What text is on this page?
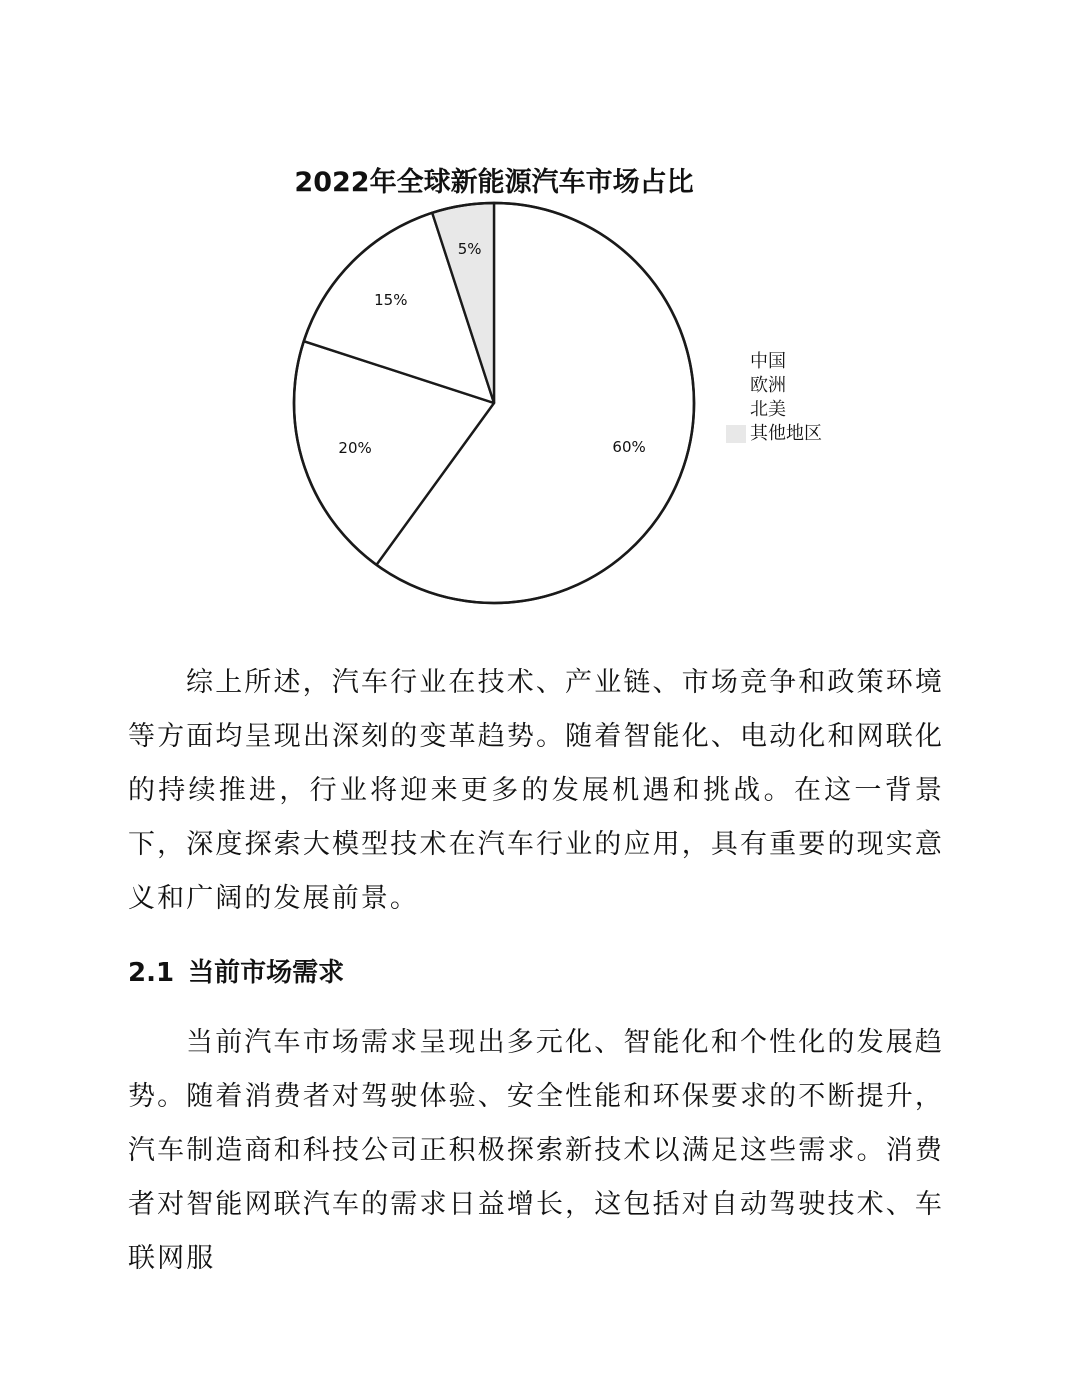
2022年全球新能源汽车市场占比
60%
20%
15%
5%
中国
欧洲
北美
其他地区

综上所述，汽车行业在技术、产业链、市场竞争和政策环境等方面均呈现出深刻的变革趋势。随着智能化、电动化和网联化的持续推进，行业将迎来更多的发展机遇和挑战。在这一背景下，深度探索大模型技术在汽车行业的应用，具有重要的现实意义和广阔的发展前景。

2.1 当前市场需求

当前汽车市场需求呈现出多元化、智能化和个性化的发展趋势。随着消费者对驾驶体验、安全性能和环保要求的不断提升，汽车制造商和科技公司正积极探索新技术以满足这些需求。消费者对智能网联汽车的需求日益增长，这包括对自动驾驶技术、车联网服
